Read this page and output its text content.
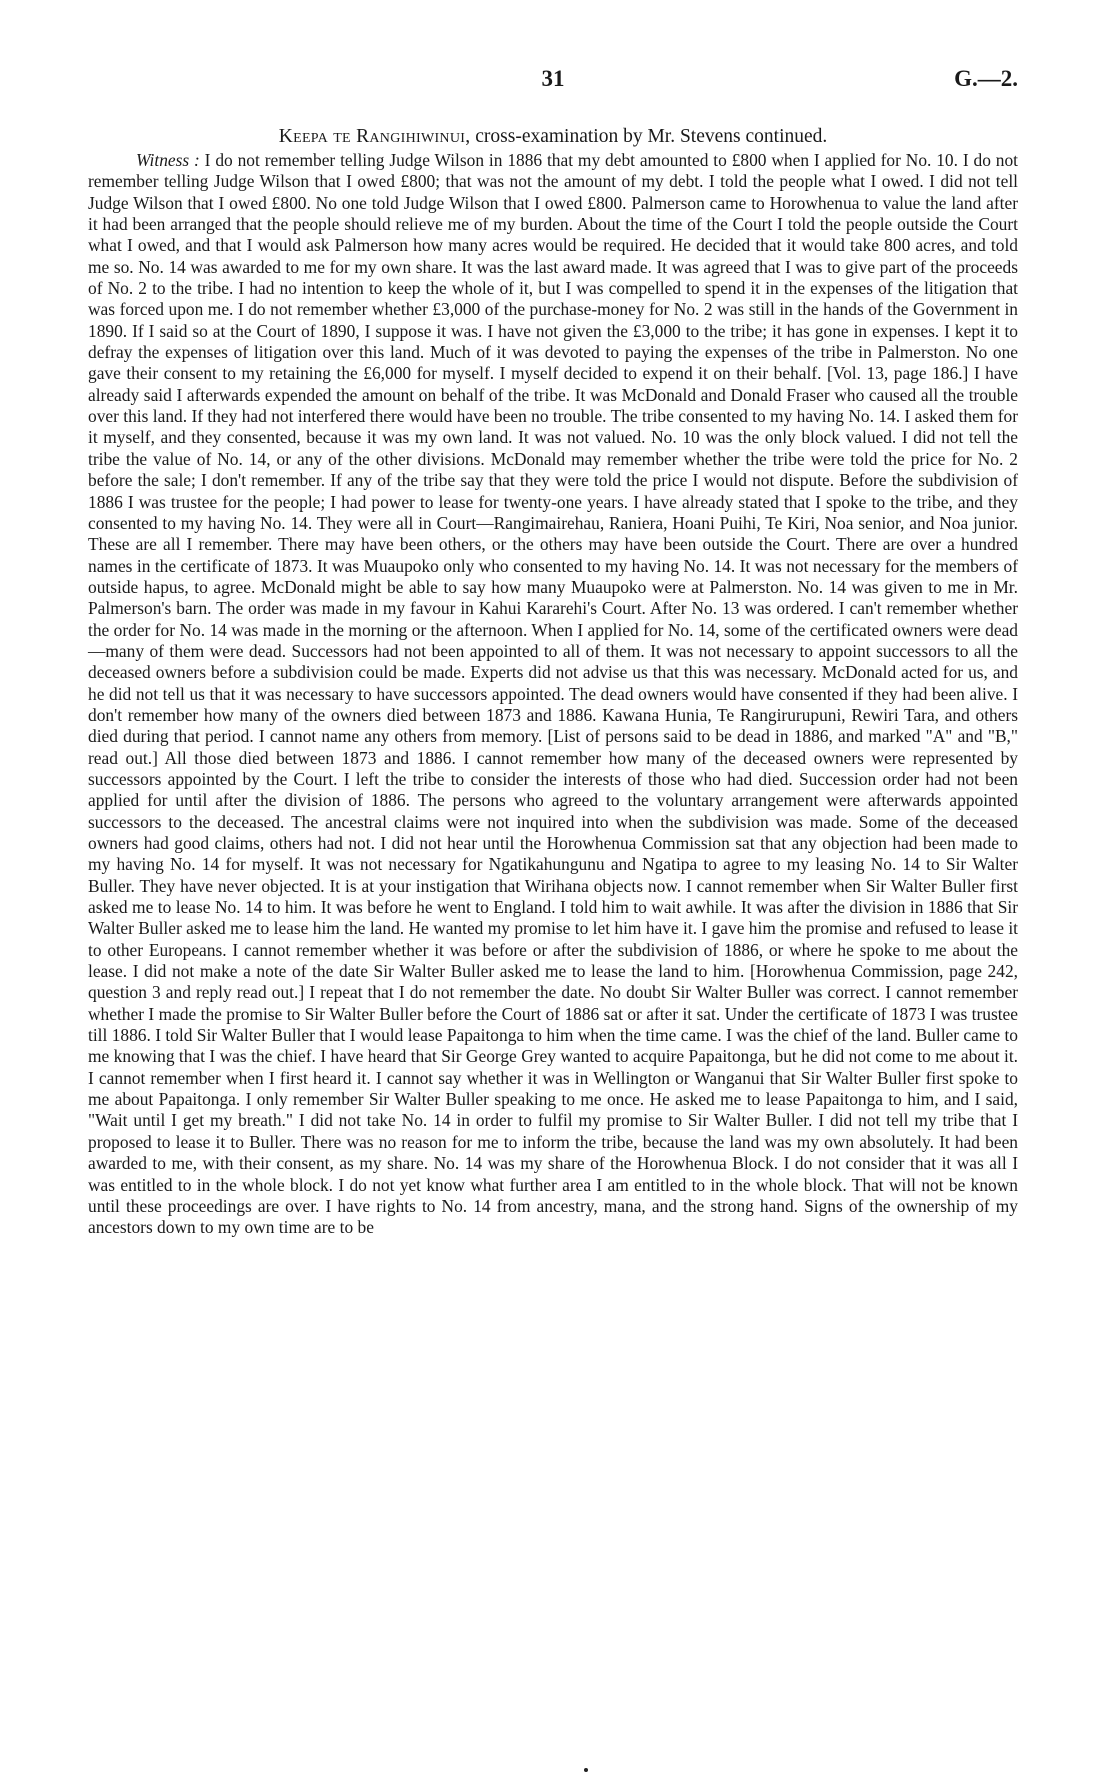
31	G.—2.
Keepa te Rangihiwinui, cross-examination by Mr. Stevens continued.

Witness : I do not remember telling Judge Wilson in 1886 that my debt amounted to £800 when I applied for No. 10. I do not remember telling Judge Wilson that I owed £800; that was not the amount of my debt. I told the people what I owed. I did not tell Judge Wilson that I owed £800. No one told Judge Wilson that I owed £800. Palmerson came to Horowhenua to value the land after it had been arranged that the people should relieve me of my burden. About the time of the Court I told the people outside the Court what I owed, and that I would ask Palmerson how many acres would be required. He decided that it would take 800 acres, and told me so. No. 14 was awarded to me for my own share. It was the last award made. It was agreed that I was to give part of the proceeds of No. 2 to the tribe. I had no intention to keep the whole of it, but I was compelled to spend it in the expenses of the litigation that was forced upon me. I do not remember whether £3,000 of the purchase-money for No. 2 was still in the hands of the Government in 1890. If I said so at the Court of 1890, I suppose it was. I have not given the £3,000 to the tribe; it has gone in expenses. I kept it to defray the expenses of litigation over this land. Much of it was devoted to paying the expenses of the tribe in Palmerston. No one gave their consent to my retaining the £6,000 for myself. I myself decided to expend it on their behalf. [Vol. 13, page 186.] I have already said I afterwards expended the amount on behalf of the tribe. It was McDonald and Donald Fraser who caused all the trouble over this land. If they had not interfered there would have been no trouble. The tribe consented to my having No. 14. I asked them for it myself, and they consented, because it was my own land. It was not valued. No. 10 was the only block valued. I did not tell the tribe the value of No. 14, or any of the other divisions. McDonald may remember whether the tribe were told the price for No. 2 before the sale; I don't remember. If any of the tribe say that they were told the price I would not dispute. Before the subdivision of 1886 I was trustee for the people; I had power to lease for twenty-one years. I have already stated that I spoke to the tribe, and they consented to my having No. 14. They were all in Court—Rangimairehau, Raniera, Hoani Puihi, Te Kiri, Noa senior, and Noa junior. These are all I remember. There may have been others, or the others may have been outside the Court. There are over a hundred names in the certificate of 1873. It was Muaupoko only who consented to my having No. 14. It was not necessary for the members of outside hapus, to agree. McDonald might be able to say how many Muaupoko were at Palmerston. No. 14 was given to me in Mr. Palmerson's barn. The order was made in my favour in Kahui Kararehi's Court. After No. 13 was ordered. I can't remember whether the order for No. 14 was made in the morning or the afternoon. When I applied for No. 14, some of the certificated owners were dead—many of them were dead. Successors had not been appointed to all of them. It was not necessary to appoint successors to all the deceased owners before a subdivision could be made. Experts did not advise us that this was necessary. McDonald acted for us, and he did not tell us that it was necessary to have successors appointed. The dead owners would have consented if they had been alive. I don't remember how many of the owners died between 1873 and 1886. Kawana Hunia, Te Rangirurupuni, Rewiri Tara, and others died during that period. I cannot name any others from memory. [List of persons said to be dead in 1886, and marked "A" and "B," read out.] All those died between 1873 and 1886. I cannot remember how many of the deceased owners were represented by successors appointed by the Court. I left the tribe to consider the interests of those who had died. Succession order had not been applied for until after the division of 1886. The persons who agreed to the voluntary arrangement were afterwards appointed successors to the deceased. The ancestral claims were not inquired into when the subdivision was made. Some of the deceased owners had good claims, others had not. I did not hear until the Horowhenua Commission sat that any objection had been made to my having No. 14 for myself. It was not necessary for Ngatikahungunu and Ngatipa to agree to my leasing No. 14 to Sir Walter Buller. They have never objected. It is at your instigation that Wirihana objects now. I cannot remember when Sir Walter Buller first asked me to lease No. 14 to him. It was before he went to England. I told him to wait awhile. It was after the division in 1886 that Sir Walter Buller asked me to lease him the land. He wanted my promise to let him have it. I gave him the promise and refused to lease it to other Europeans. I cannot remember whether it was before or after the subdivision of 1886, or where he spoke to me about the lease. I did not make a note of the date Sir Walter Buller asked me to lease the land to him. [Horowhenua Commission, page 242, question 3 and reply read out.] I repeat that I do not remember the date. No doubt Sir Walter Buller was correct. I cannot remember whether I made the promise to Sir Walter Buller before the Court of 1886 sat or after it sat. Under the certificate of 1873 I was trustee till 1886. I told Sir Walter Buller that I would lease Papaitonga to him when the time came. I was the chief of the land. Buller came to me knowing that I was the chief. I have heard that Sir George Grey wanted to acquire Papaitonga, but he did not come to me about it. I cannot remember when I first heard it. I cannot say whether it was in Wellington or Wanganui that Sir Walter Buller first spoke to me about Papaitonga. I only remember Sir Walter Buller speaking to me once. He asked me to lease Papaitonga to him, and I said, "Wait until I get my breath." I did not take No. 14 in order to fulfil my promise to Sir Walter Buller. I did not tell my tribe that I proposed to lease it to Buller. There was no reason for me to inform the tribe, because the land was my own absolutely. It had been awarded to me, with their consent, as my share. No. 14 was my share of the Horowhenua Block. I do not consider that it was all I was entitled to in the whole block. I do not yet know what further area I am entitled to in the whole block. That will not be known until these proceedings are over. I have rights to No. 14 from ancestry, mana, and the strong hand. Signs of the ownership of my ancestors down to my own time are to be
